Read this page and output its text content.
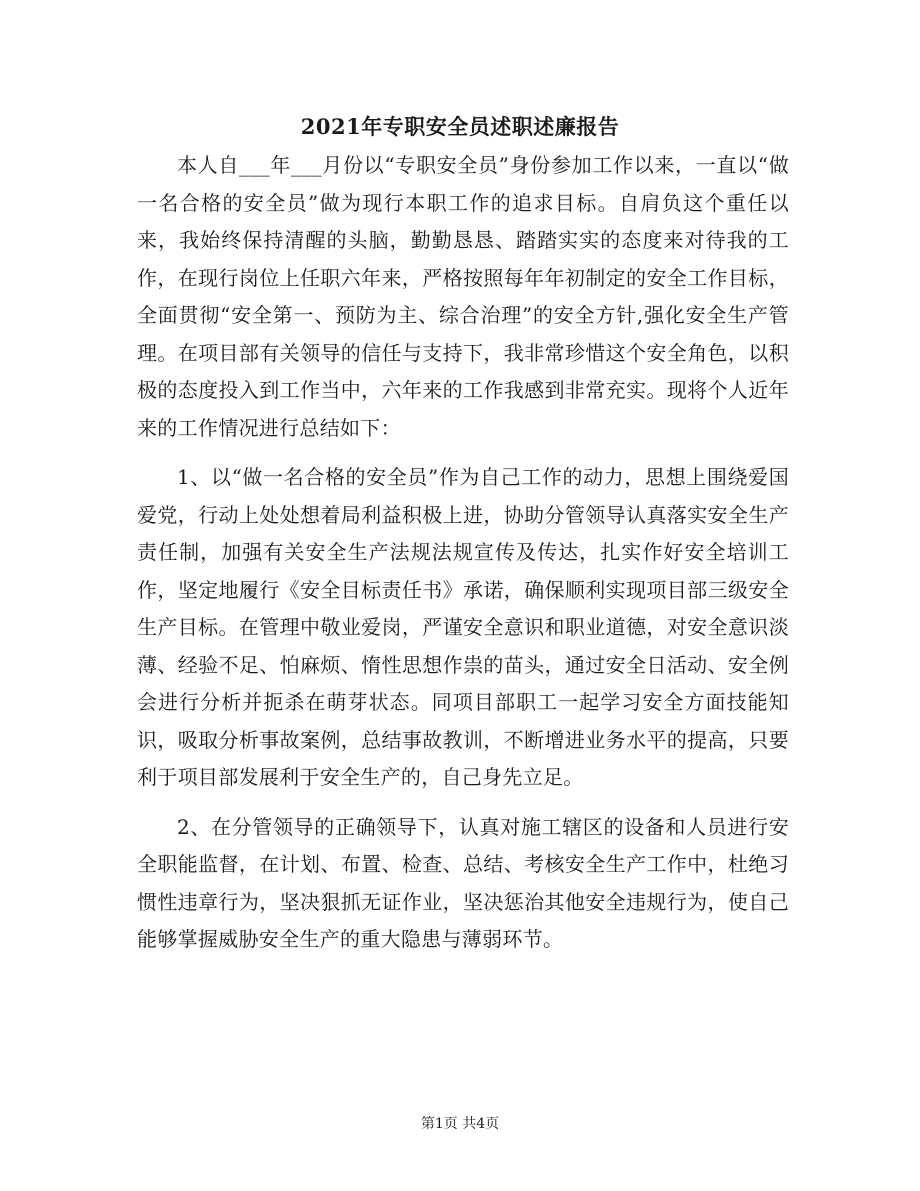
2021年专职安全员述职述廉报告

本人自___年___月份以“专职安全员”身份参加工作以来，一直以“做一名合格的安全员”做为现行本职工作的追求目标。自肩负这个重任以来，我始终保持清醒的头脑，勤勤恳恳、踏踏实实的态度来对待我的工作，在现行岗位上任职六年来，严格按照每年年初制定的安全工作目标，全面贯彻“安全第一、预防为主、综合治理”的安全方针,强化安全生产管理。在项目部有关领导的信任与支持下，我非常珍惜这个安全角色，以积极的态度投入到工作当中，六年来的工作我感到非常充实。现将个人近年来的工作情况进行总结如下：

1、以“做一名合格的安全员”作为自己工作的动力，思想上围绕爱国爱党，行动上处处想着局利益积极上进，协助分管领导认真落实安全生产责任制，加强有关安全生产法规法规宣传及传达，扎实作好安全培训工作，坚定地履行《安全目标责任书》承诺，确保顺利实现项目部三级安全生产目标。在管理中敬业爱岗，严谨安全意识和职业道德，对安全意识淡薄、经验不足、怕麻烦、惰性思想作祟的苗头，通过安全日活动、安全例会进行分析并扼杀在萌芽状态。同项目部职工一起学习安全方面技能知识，吸取分析事故案例，总结事故教训，不断增进业务水平的提高，只要利于项目部发展利于安全生产的，自己身先立足。

2、在分管领导的正确领导下，认真对施工辖区的设备和人员进行安全职能监督，在计划、布置、检查、总结、考核安全生产工作中，杜绝习惯性违章行为，坚决狠抓无证作业，坚决惩治其他安全违规行为，使自己能够掌握威胁安全生产的重大隐患与薄弱环节。

第1页 共4页
